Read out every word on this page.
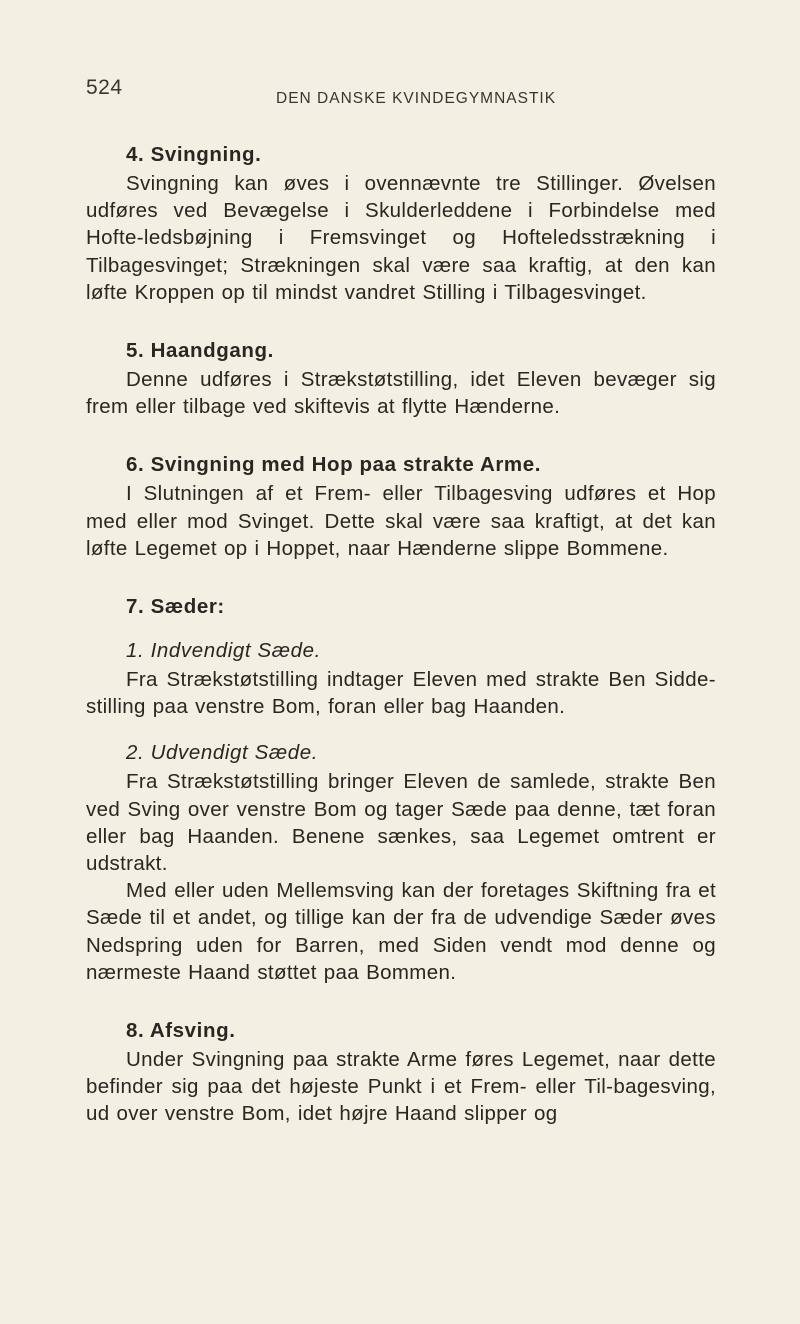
524	DEN DANSKE KVINDEGYMNASTIK

4. Svingning.

Svingning kan øves i ovennævnte tre Stillinger. Øvelsen udføres ved Bevægelse i Skulderleddene i Forbindelse med Hofte-ledsbøjning i Fremsvinget og Hofteledsstrækning i Tilbagesvinget; Strækningen skal være saa kraftig, at den kan løfte Kroppen op til mindst vandret Stilling i Tilbagesvinget.

5. Haandgang.

Denne udføres i Strækstøtstilling, idet Eleven bevæger sig frem eller tilbage ved skiftevis at flytte Hænderne.

6. Svingning med Hop paa strakte Arme.

I Slutningen af et Frem- eller Tilbagesving udføres et Hop med eller mod Svinget. Dette skal være saa kraftigt, at det kan løfte Legemet op i Hoppet, naar Hænderne slippe Bommene.

7. Sæder:

1. Indvendigt Sæde.

Fra Strækstøtstilling indtager Eleven med strakte Ben Sidde-stilling paa venstre Bom, foran eller bag Haanden.

2. Udvendigt Sæde.

Fra Strækstøtstilling bringer Eleven de samlede, strakte Ben ved Sving over venstre Bom og tager Sæde paa denne, tæt foran eller bag Haanden. Benene sænkes, saa Legemet omtrent er udstrakt.

Med eller uden Mellemsving kan der foretages Skiftning fra et Sæde til et andet, og tillige kan der fra de udvendige Sæder øves Nedspring uden for Barren, med Siden vendt mod denne og nærmeste Haand støttet paa Bommen.

8. Afsving.

Under Svingning paa strakte Arme føres Legemet, naar dette befinder sig paa det højeste Punkt i et Frem- eller Til-bagesving, ud over venstre Bom, idet højre Haand slipper og
